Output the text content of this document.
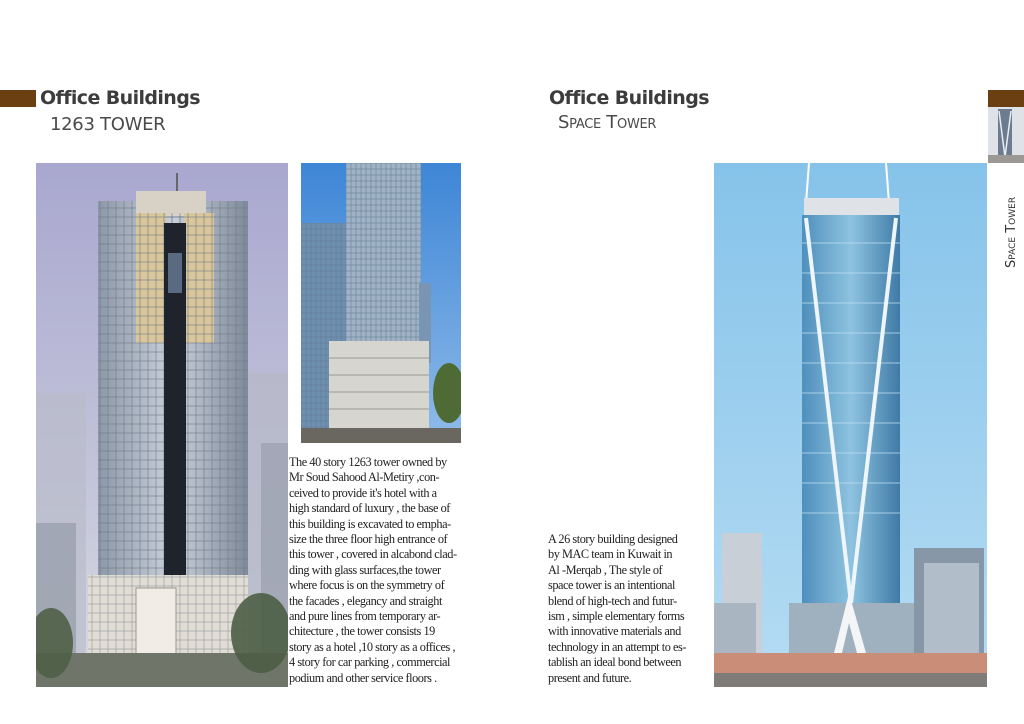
Office Buildings
1263 TOWER
The 40 story 1263 tower owned by
Mr Soud Sahood Al-Metiry ,con-
ceived to provide it's hotel with a
high standard of luxury , the base of
this building is excavated to empha-
size the three floor high entrance of
this tower , covered in alcabond clad-
ding with glass surfaces,the tower
where focus is on the symmetry of
the facades , elegancy and straight
and pure lines from temporary ar-
chitecture , the tower consists 19
story as a hotel ,10 story as a offices ,
4 story for car parking , commercial
podium and other service floors .
Office Buildings
Space Tower
A 26 story building designed
by MAC team in Kuwait in
Al -Merqab , The style of
space tower is an intentional
blend of high-tech and futur-
ism , simple elementary forms
with innovative materials and
technology in an attempt to es-
tablish an ideal bond between
present and future.
Space Tower
